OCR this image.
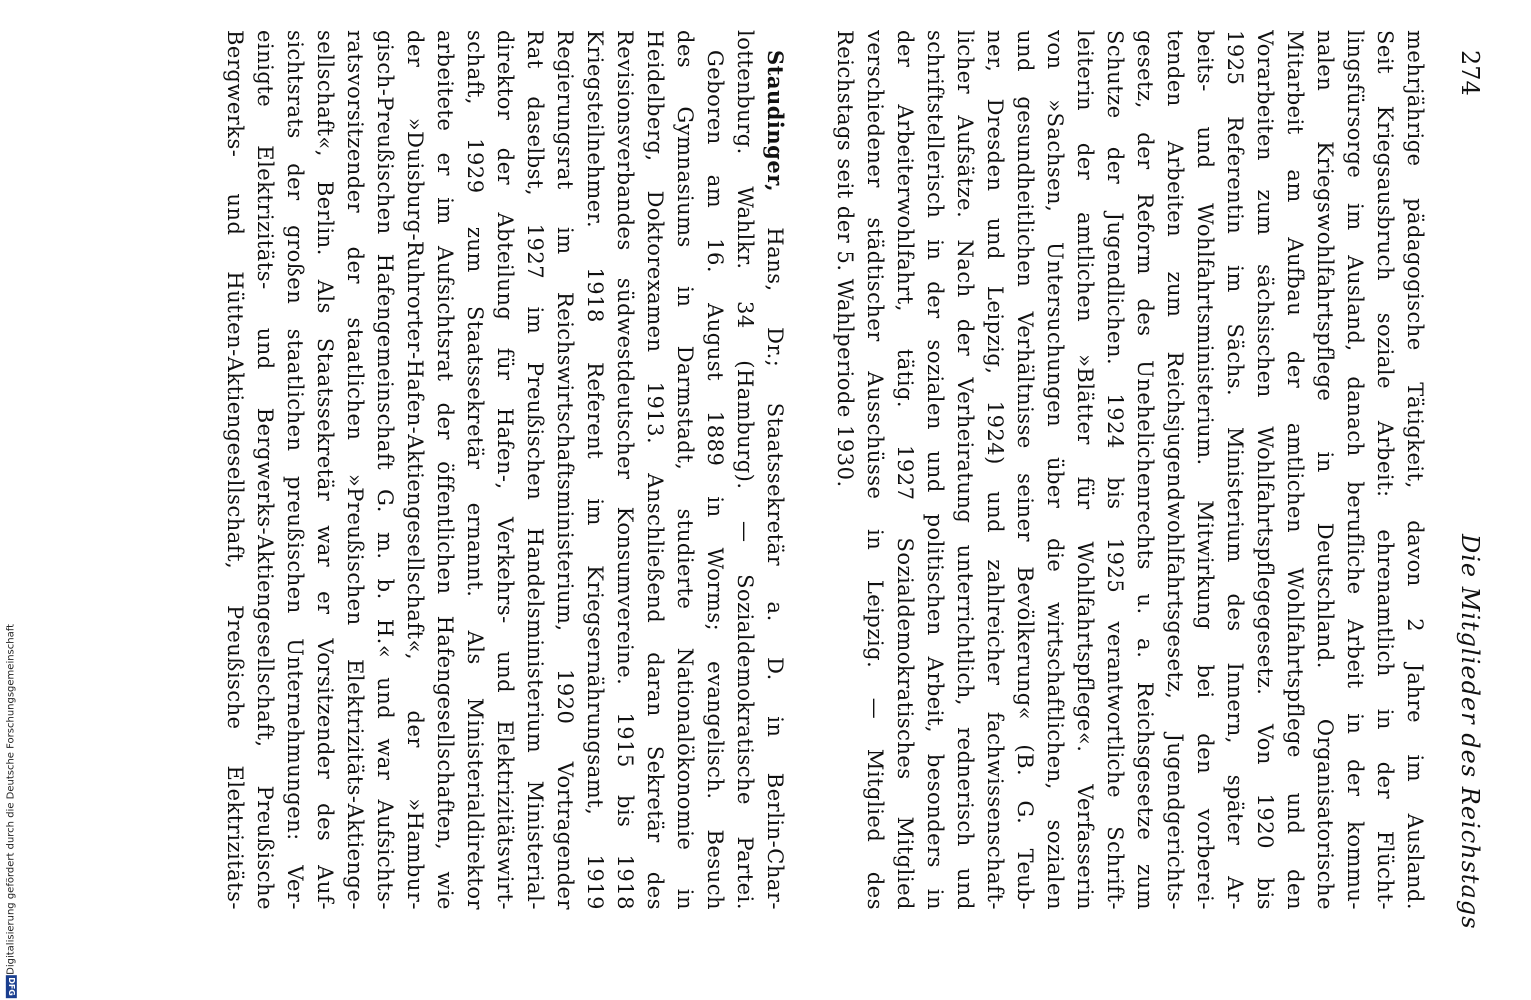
DFG Digitalisierung gefördert durch die Deutsche Forschungsgemeinschaft
274
Die Mitglieder des Reichstags
mehrjährige pädagogische Tätigkeit, davon 2 Jahre im Ausland.
Seit Kriegsausbruch soziale Arbeit: ehrenamtlich in der Flücht-
lingsfürsorge im Ausland, danach berufliche Arbeit in der kommu-
nalen Kriegswohlfahrtspflege in Deutschland. Organisatorische
Mitarbeit am Aufbau der amtlichen Wohlfahrtspflege und den
Vorarbeiten zum sächsischen Wohlfahrtspflegegesetz. Von 1920 bis
1925 Referentin im Sächs. Ministerium des Innern, später Ar-
beits- und Wohlfahrtsministerium. Mitwirkung bei den vorberei-
tenden Arbeiten zum Reichsjugendwohlfahrtsgesetz, Jugendgerichts-
gesetz, der Reform des Unehelichenrechts u. a. Reichsgesetze zum
Schutze der Jugendlichen. 1924 bis 1925 verantwortliche Schrift-
leiterin der amtlichen »Blätter für Wohlfahrtspflege«. Verfasserin
von »Sachsen, Untersuchungen über die wirtschaftlichen, sozialen
und gesundheitlichen Verhältnisse seiner Bevölkerung« (B. G. Teub-
ner, Dresden und Leipzig, 1924) und zahlreicher fachwissenschaft-
licher Aufsätze. Nach der Verheiratung unterrichtlich, rednerisch und
schriftstellerisch in der sozialen und politischen Arbeit, besonders in
der Arbeiterwohlfahrt, tätig. 1927 Sozialdemokratisches Mitglied
verschiedener städtischer Ausschüsse in Leipzig. — Mitglied des
Reichstags seit der 5. Wahlperiode 1930.
Staudinger, Hans, Dr.; Staatssekretär a. D. in Berlin-Char-
lottenburg. Wahlkr. 34 (Hamburg). — Sozialdemokratische Partei.
Geboren am 16. August 1889 in Worms; evangelisch. Besuch
des Gymnasiums in Darmstadt, studierte Nationalökonomie in
Heidelberg, Doktorexamen 1913. Anschließend daran Sekretär des
Revisionsverbandes südwestdeutscher Konsumvereine. 1915 bis 1918
Kriegsteilnehmer. 1918 Referent im Kriegsernährungsamt, 1919
Regierungsrat im Reichswirtschaftsministerium, 1920 Vortragender
Rat daselbst, 1927 im Preußischen Handelsministerium Ministerial-
direktor der Abteilung für Hafen-, Verkehrs- und Elektrizitätswirt-
schaft, 1929 zum Staatssekretär ernannt. Als Ministerialdirektor
arbeitete er im Aufsichtsrat der öffentlichen Hafengesellschaften, wie
der »Duisburg-Ruhrorter-Hafen-Aktiengesellschaft«, der »Hambur-
gisch-Preußischen Hafengemeinschaft G. m. b. H.« und war Aufsichts-
ratsvorsitzender der staatlichen »Preußischen Elektrizitäts-Aktienge-
sellschaft«, Berlin. Als Staatssekretär war er Vorsitzender des Auf-
sichtsrats der großen staatlichen preußischen Unternehmungen: Ver-
einigte Elektrizitäts- und Bergwerks-Aktiengesellschaft, Preußische
Bergwerks- und Hütten-Aktiengesellschaft, Preußische Elektrizitäts-
